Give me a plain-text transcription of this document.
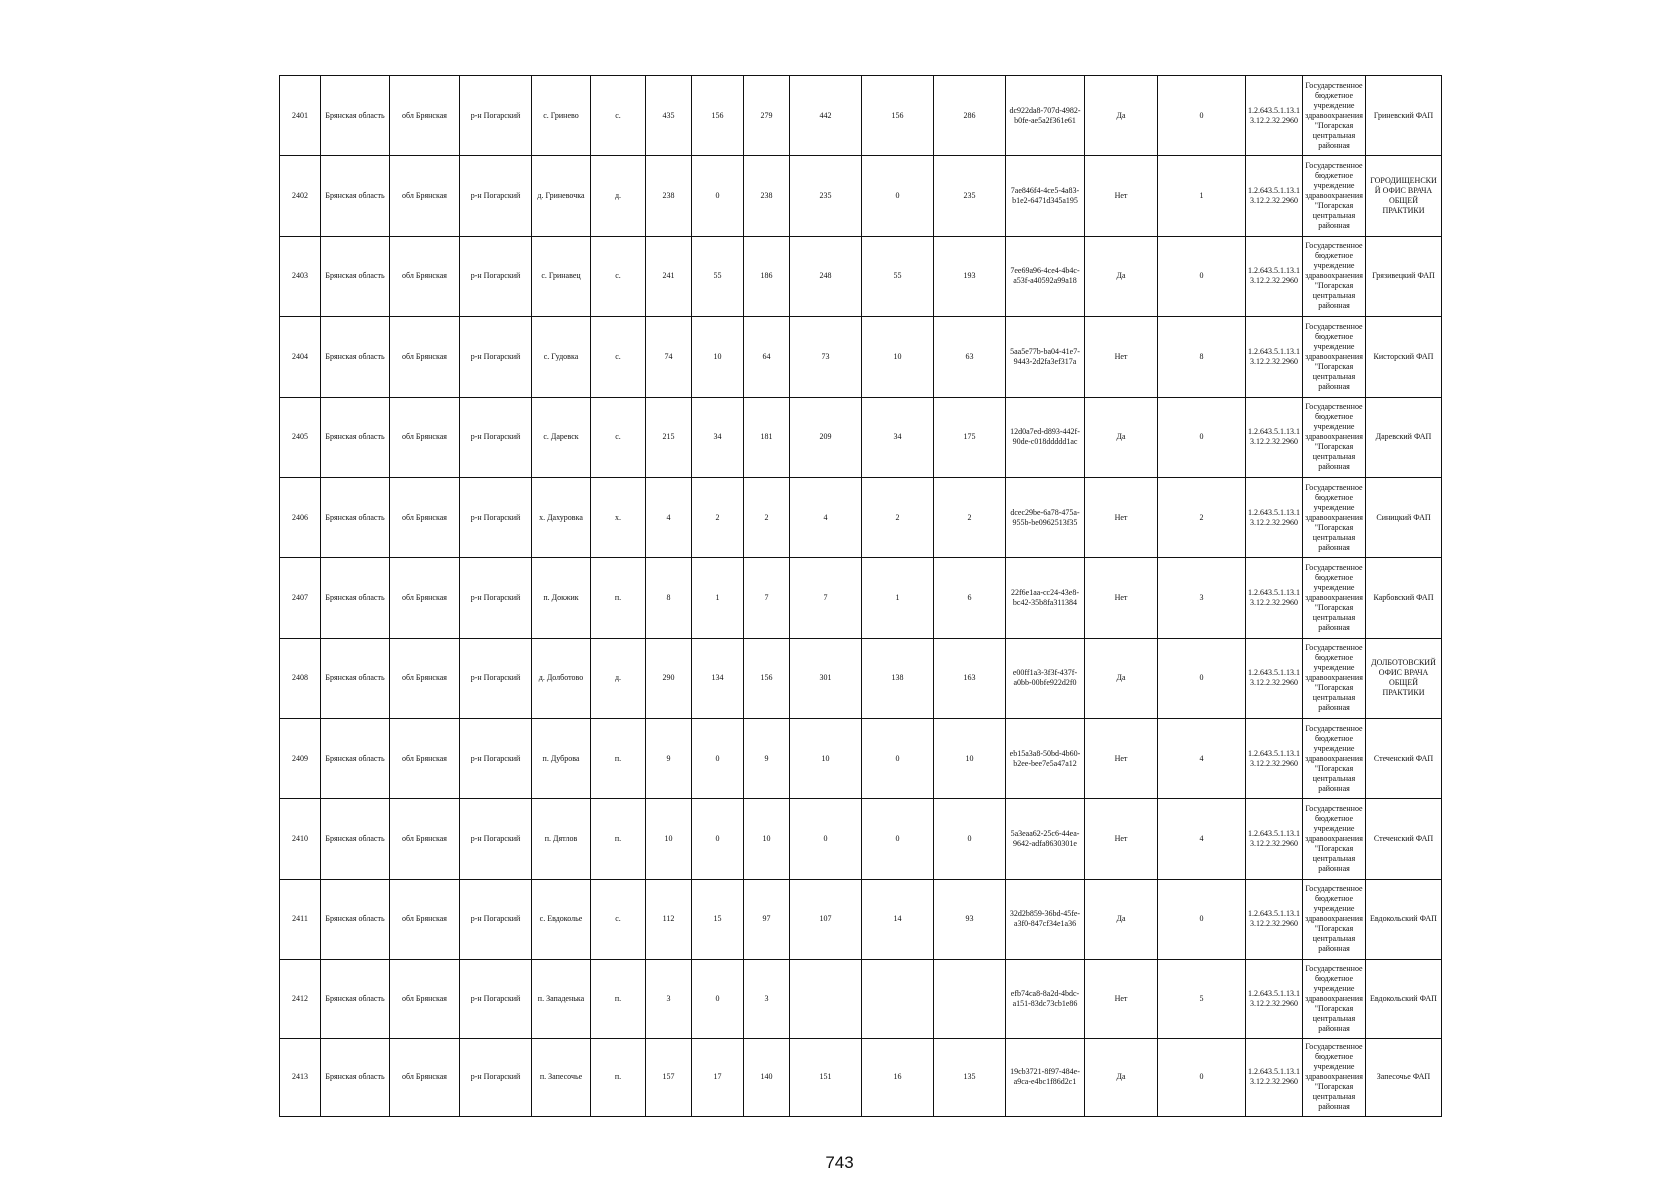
2401	Брянская область	обл Брянская	р-н Погарский	с. Гриневo	с.	435	156	279	442	156	286	dc922da8-707d-4982-b0fe-ae5a2f361e61	Да	0	1.2.643.5.1.13.13.12.2.32.2960	Государственное бюджетное учреждение здравоохранения "Погарская центральная районная	Гриневский ФАП
2402	Брянская область	обл Брянская	р-н Погарский	д. Гриневочка	д.	238	0	238	235	0	235	7ae846f4-4ce5-4a83-b1e2-6471d345a195	Нет	1	1.2.643.5.1.13.13.12.2.32.2960	Государственное бюджетное учреждение здравоохранения "Погарская центральная районная	ГОРОДИЩЕНСКИЙ ОФИС ВРАЧА ОБЩЕЙ ПРАКТИКИ
2403	Брянская область	обл Брянская	р-н Погарский	с. Гринавец	с.	241	55	186	248	55	193	7ee69a96-4ce4-4b4c-a53f-a40592a99a18	Да	0	1.2.643.5.1.13.13.12.2.32.2960	Государственное бюджетное учреждение здравоохранения "Погарская центральная районная	Грязивецкий ФАП
2404	Брянская область	обл Брянская	р-н Погарский	с. Гудовка	с.	74	10	64	73	10	63	5aa5e77b-ba04-41e7-9443-2d2fa3ef317a	Нет	8	1.2.643.5.1.13.13.12.2.32.2960	Государственное бюджетное учреждение здравоохранения "Погарская центральная районная	Кисторский ФАП
2405	Брянская область	обл Брянская	р-н Погарский	с. Даревск	с.	215	34	181	209	34	175	12d0a7ed-d893-442f-90de-c018ddddd1ac	Да	0	1.2.643.5.1.13.13.12.2.32.2960	Государственное бюджетное учреждение здравоохранения "Погарская центральная районная	Даревский ФАП
2406	Брянская область	обл Брянская	р-н Погарский	х. Дахуровка	х.	4	2	2	4	2	2	dcec29be-6a78-475a-955b-be0962513f35	Нет	2	1.2.643.5.1.13.13.12.2.32.2960	Государственное бюджетное учреждение здравоохранения "Погарская центральная районная	Синицкий ФАП
2407	Брянская область	обл Брянская	р-н Погарский	п. Докжик	п.	8	1	7	7	1	6	22f6e1aa-cc24-43e8-bc42-35b8fa311384	Нет	3	1.2.643.5.1.13.13.12.2.32.2960	Государственное бюджетное учреждение здравоохранения "Погарская центральная районная	Карбовский ФАП
2408	Брянская область	обл Брянская	р-н Погарский	д. Долботово	д.	290	134	156	301	138	163	e00ff1a3-3f3f-437f-a0bb-00bfe922d2f0	Да	0	1.2.643.5.1.13.13.12.2.32.2960	Государственное бюджетное учреждение здравоохранения "Погарская центральная районная	ДОЛБОТОВСКИЙ ОФИС ВРАЧА ОБЩЕЙ ПРАКТИКИ
2409	Брянская область	обл Брянская	р-н Погарский	п. Дуброва	п.	9	0	9	10	0	10	eb15a3a8-50bd-4b60-b2ee-bee7e5a47a12	Нет	4	1.2.643.5.1.13.13.12.2.32.2960	Государственное бюджетное учреждение здравоохранения "Погарская центральная районная	Стеченский ФАП
2410	Брянская область	обл Брянская	р-н Погарский	п. Дятлов	п.	10	0	10	0	0	0	5a3eaa62-25c6-44ea-9642-adfa8630301e	Нет	4	1.2.643.5.1.13.13.12.2.32.2960	Государственное бюджетное учреждение здравоохранения "Погарская центральная районная	Стеченский ФАП
2411	Брянская область	обл Брянская	р-н Погарский	с. Евдоколье	с.	112	15	97	107	14	93	32d2b859-36bd-45fe-a3f0-847cf34e1a36	Да	0	1.2.643.5.1.13.13.12.2.32.2960	Государственное бюджетное учреждение здравоохранения "Погарская центральная районная	Евдокольский ФАП
2412	Брянская область	обл Брянская	р-н Погарский	п. Западенька	п.	3	0	3				efb74ca8-8a2d-4bdc-a151-83dc73cb1e86	Нет	5	1.2.643.5.1.13.13.12.2.32.2960	Государственное бюджетное учреждение здравоохранения "Погарская центральная районная	Евдокольский ФАП
2413	Брянская область	обл Брянская	р-н Погарский	п. Запесочье	п.	157	17	140	151	16	135	19cb3721-8f97-484e-a9ca-e4bc1f86d2c1	Да	0	1.2.643.5.1.13.13.12.2.32.2960	Государственное бюджетное учреждение здравоохранения "Погарская центральная районная	Запесочье ФАП
743
